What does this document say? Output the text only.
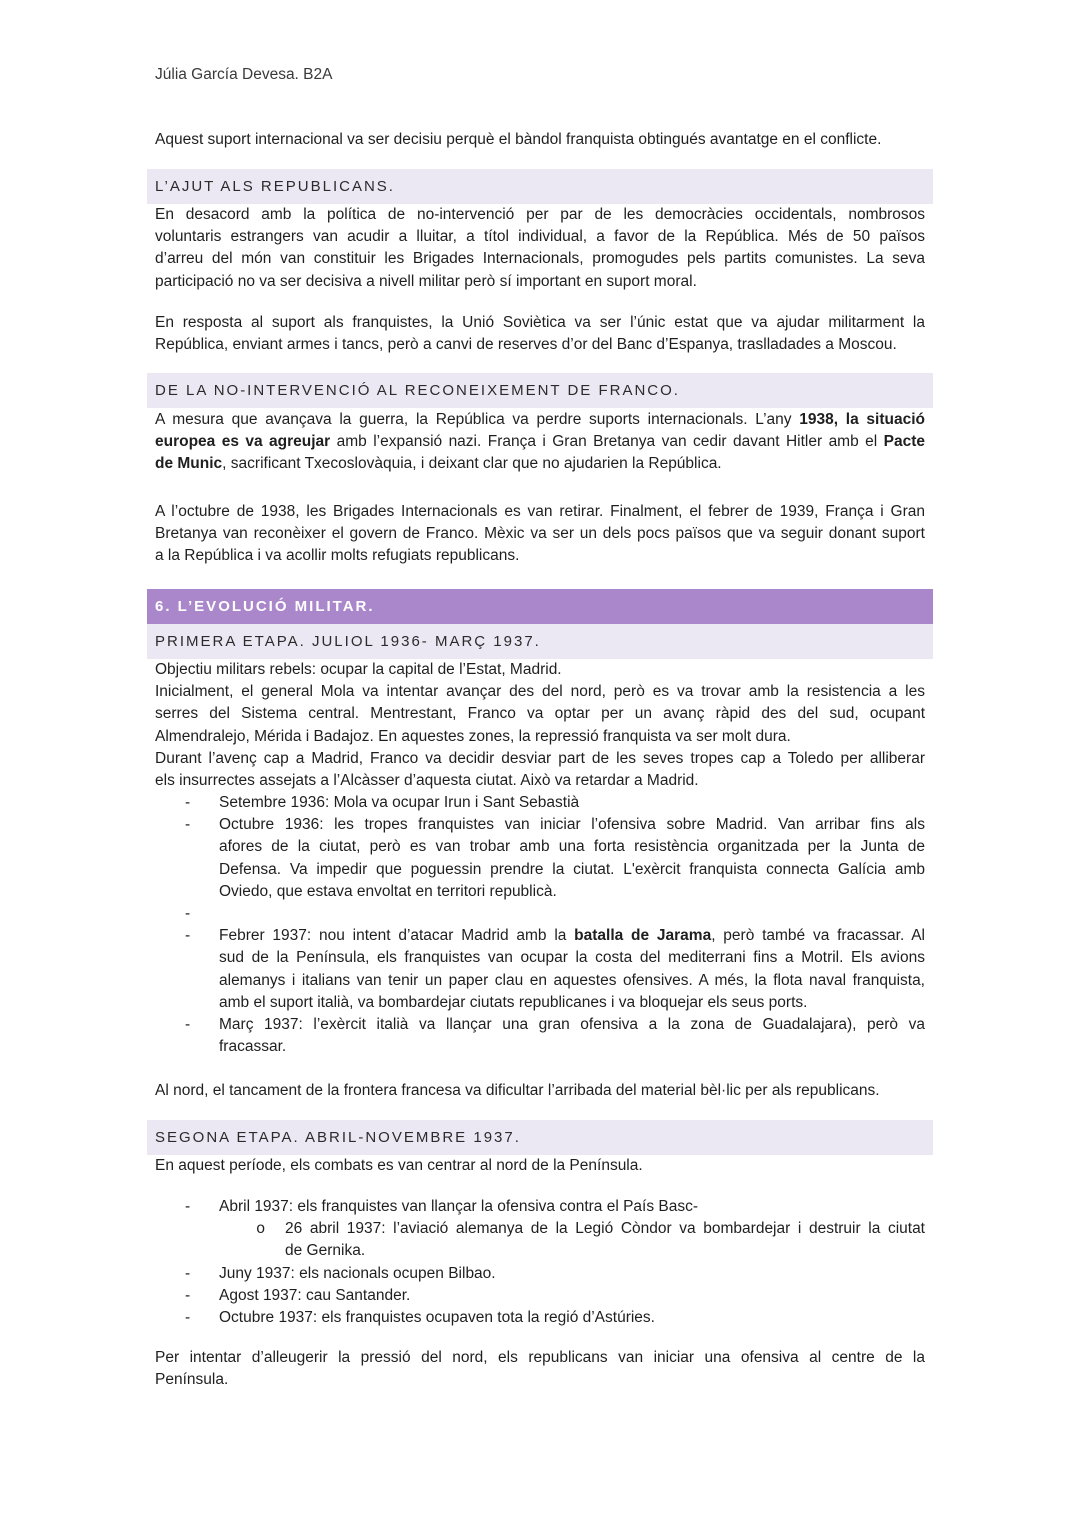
Júlia García Devesa. B2A
Aquest suport internacional va ser decisiu perquè el bàndol franquista obtingués avantatge en el conflicte.
L’AJUT ALS REPUBLICANS.
En desacord amb la política de no-intervenció per par de les democràcies occidentals, nombrosos
voluntaris estrangers van acudir a lluitar, a títol individual, a favor de la República. Més de 50 països
d’arreu del món van constituir les Brigades Internacionals, promogudes pels partits comunistes. La seva
participació no va ser decisiva a nivell militar però sí important en suport moral.
En resposta al suport als franquistes, la Unió Soviètica va ser l’únic estat que va ajudar militarment la
República, enviant armes i tancs, però a canvi de reserves d’or del Banc d’Espanya, traslladades a Moscou.
DE LA NO-INTERVENCIÓ AL RECONEIXEMENT DE FRANCO.
A mesura que avançava la guerra, la República va perdre suports internacionals. L’any 1938, la situació
europea es va agreujar amb l’expansió nazi. França i Gran Bretanya van cedir davant Hitler amb el Pacte
de Munic, sacrificant Txecoslovàquia, i deixant clar que no ajudarien la República.
A l’octubre de 1938, les Brigades Internacionals es van retirar. Finalment, el febrer de 1939, França i Gran
Bretanya van reconèixer el govern de Franco. Mèxic va ser un dels pocs països que va seguir donant suport
a la República i va acollir molts refugiats republicans.
6. L’EVOLUCIÓ MILITAR.
PRIMERA ETAPA. JULIOL 1936- MARÇ 1937.
Objectiu militars rebels: ocupar la capital de l’Estat, Madrid.
Inicialment, el general Mola va intentar avançar des del nord, però es va trovar amb la resistencia a les
serres del Sistema central. Mentrestant, Franco va optar per un avanç ràpid des del sud, ocupant
Almendralejo, Mérida i Badajoz. En aquestes zones, la repressió franquista va ser molt dura.
Durant l’avenç cap a Madrid, Franco va decidir desviar part de les seves tropes cap a Toledo per alliberar
els insurrectes assejats a l’Alcàsser d’aquesta ciutat. Això va retardar a Madrid.
- Setembre 1936: Mola va ocupar Irun i Sant Sebastià
- Octubre 1936: les tropes franquistes van iniciar l’ofensiva sobre Madrid. Van arribar fins als
afores de la ciutat, però es van trobar amb una forta resistència organitzada per la Junta de
Defensa. Va impedir que poguessin prendre la ciutat. L'exèrcit franquista connecta Galícia amb
Oviedo, que estava envoltat en territori republicà.
-
- Febrer 1937: nou intent d’atacar Madrid amb la batalla de Jarama, però també va fracassar. Al
sud de la Península, els franquistes van ocupar la costa del mediterrani fins a Motril. Els avions
alemanys i italians van tenir un paper clau en aquestes ofensives. A més, la flota naval franquista,
amb el suport italià, va bombardejar ciutats republicanes i va bloquejar els seus ports.
- Març 1937: l’exèrcit italià va llançar una gran ofensiva a la zona de Guadalajara), però va
fracassar.
Al nord, el tancament de la frontera francesa va dificultar l’arribada del material bèl·lic per als republicans.
SEGONA ETAPA. ABRIL-NOVEMBRE 1937.
En aquest període, els combats es van centrar al nord de la Península.
- Abril 1937: els franquistes van llançar la ofensiva contra el País Basc-
o 26 abril 1937: l’aviació alemanya de la Legió Còndor va bombardejar i destruir la ciutat
de Gernika.
- Juny 1937: els nacionals ocupen Bilbao.
- Agost 1937: cau Santander.
- Octubre 1937: els franquistes ocupaven tota la regió d’Astúries.
Per intentar d’alleugerir la pressió del nord, els republicans van iniciar una ofensiva al centre de la
Península.
